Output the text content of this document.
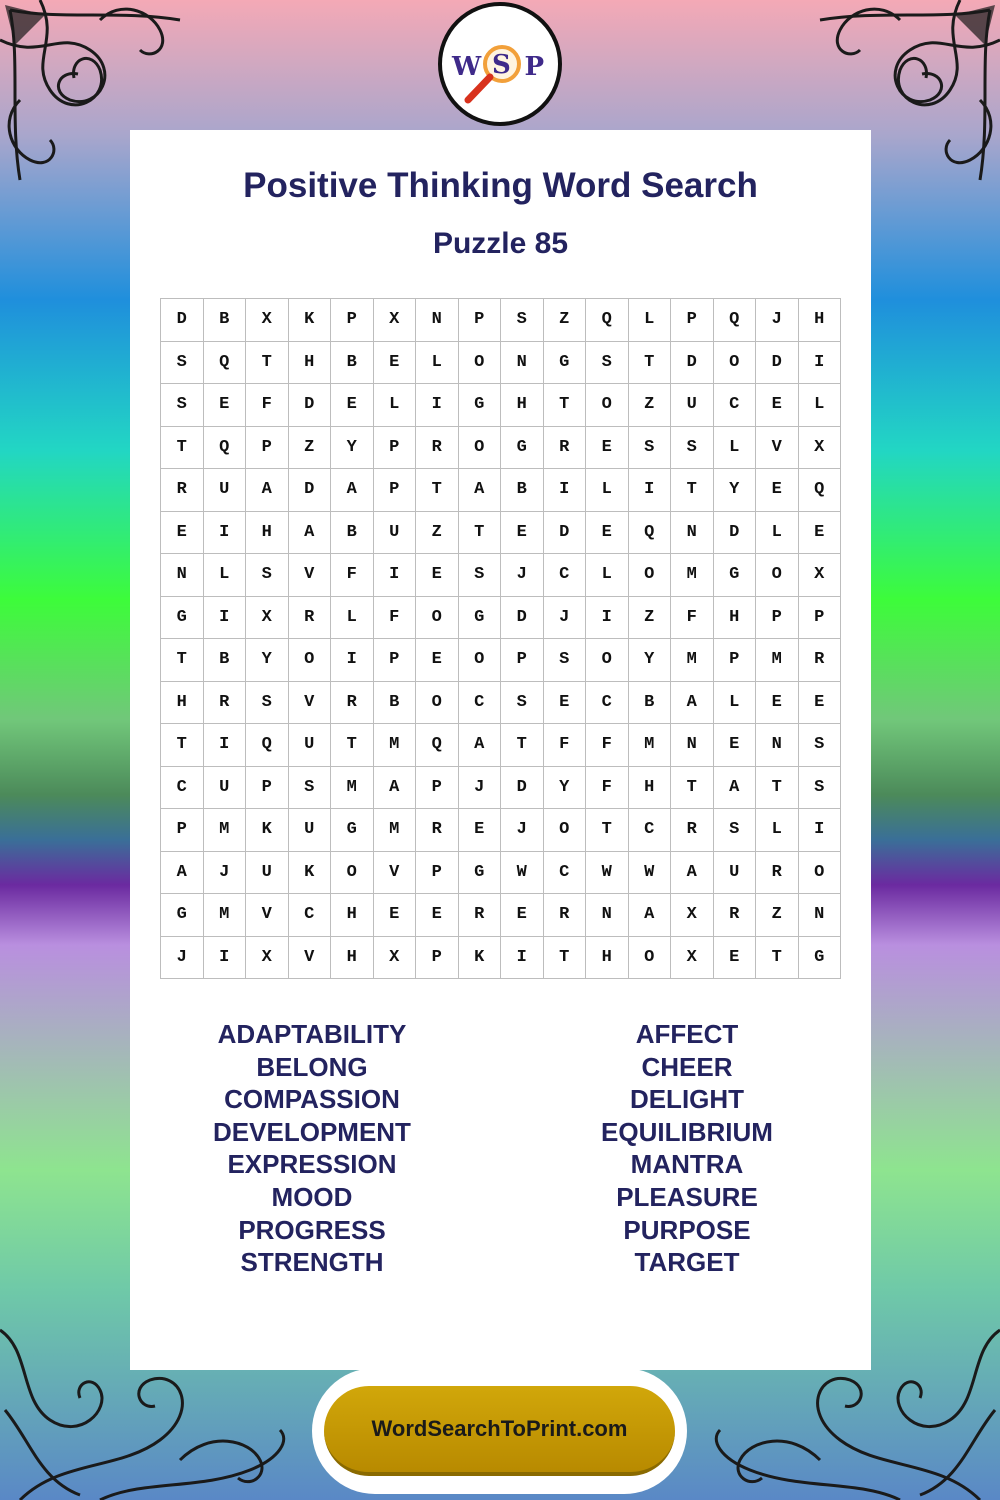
W S P
Positive Thinking Word Search
Puzzle 85
D	B	X	K	P	X	N	P	S	Z	Q	L	P	Q	J	H
S	Q	T	H	B	E	L	O	N	G	S	T	D	O	D	I
S	E	F	D	E	L	I	G	H	T	O	Z	U	C	E	L
T	Q	P	Z	Y	P	R	O	G	R	E	S	S	L	V	X
R	U	A	D	A	P	T	A	B	I	L	I	T	Y	E	Q
E	I	H	A	B	U	Z	T	E	D	E	Q	N	D	L	E
N	L	S	V	F	I	E	S	J	C	L	O	M	G	O	X
G	I	X	R	L	F	O	G	D	J	I	Z	F	H	P	P
T	B	Y	O	I	P	E	O	P	S	O	Y	M	P	M	R
H	R	S	V	R	B	O	C	S	E	C	B	A	L	E	E
T	I	Q	U	T	M	Q	A	T	F	F	M	N	E	N	S
C	U	P	S	M	A	P	J	D	Y	F	H	T	A	T	S
P	M	K	U	G	M	R	E	J	O	T	C	R	S	L	I
A	J	U	K	O	V	P	G	W	C	W	W	A	U	R	O
G	M	V	C	H	E	E	R	E	R	N	A	X	R	Z	N
J	I	X	V	H	X	P	K	I	T	H	O	X	E	T	G
ADAPTABILITY
BELONG
COMPASSION
DEVELOPMENT
EXPRESSION
MOOD
PROGRESS
STRENGTH
AFFECT
CHEER
DELIGHT
EQUILIBRIUM
MANTRA
PLEASURE
PURPOSE
TARGET
WordSearchToPrint.com
